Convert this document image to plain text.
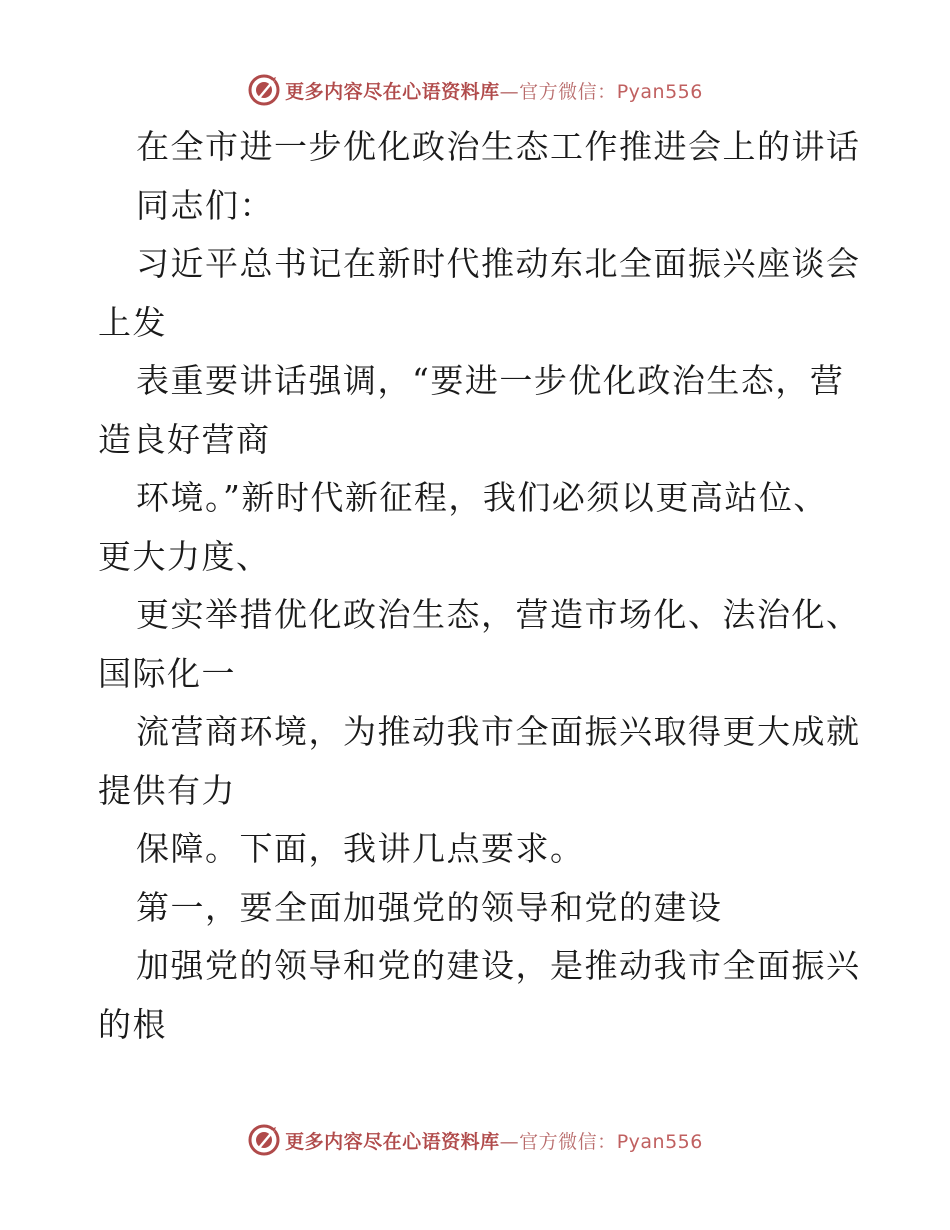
更多内容尽在心语资料库—官方微信：Pyan556
在全市进一步优化政治生态工作推进会上的讲话
同志们：
习近平总书记在新时代推动东北全面振兴座谈会
上发
表重要讲话强调，“要进一步优化政治生态，营
造良好营商
环境。”新时代新征程，我们必须以更高站位、
更大力度、
更实举措优化政治生态，营造市场化、法治化、
国际化一
流营商环境，为推动我市全面振兴取得更大成就
提供有力
保障。下面，我讲几点要求。
第一，要全面加强党的领导和党的建设
加强党的领导和党的建设，是推动我市全面振兴
的根
更多内容尽在心语资料库—官方微信：Pyan556
